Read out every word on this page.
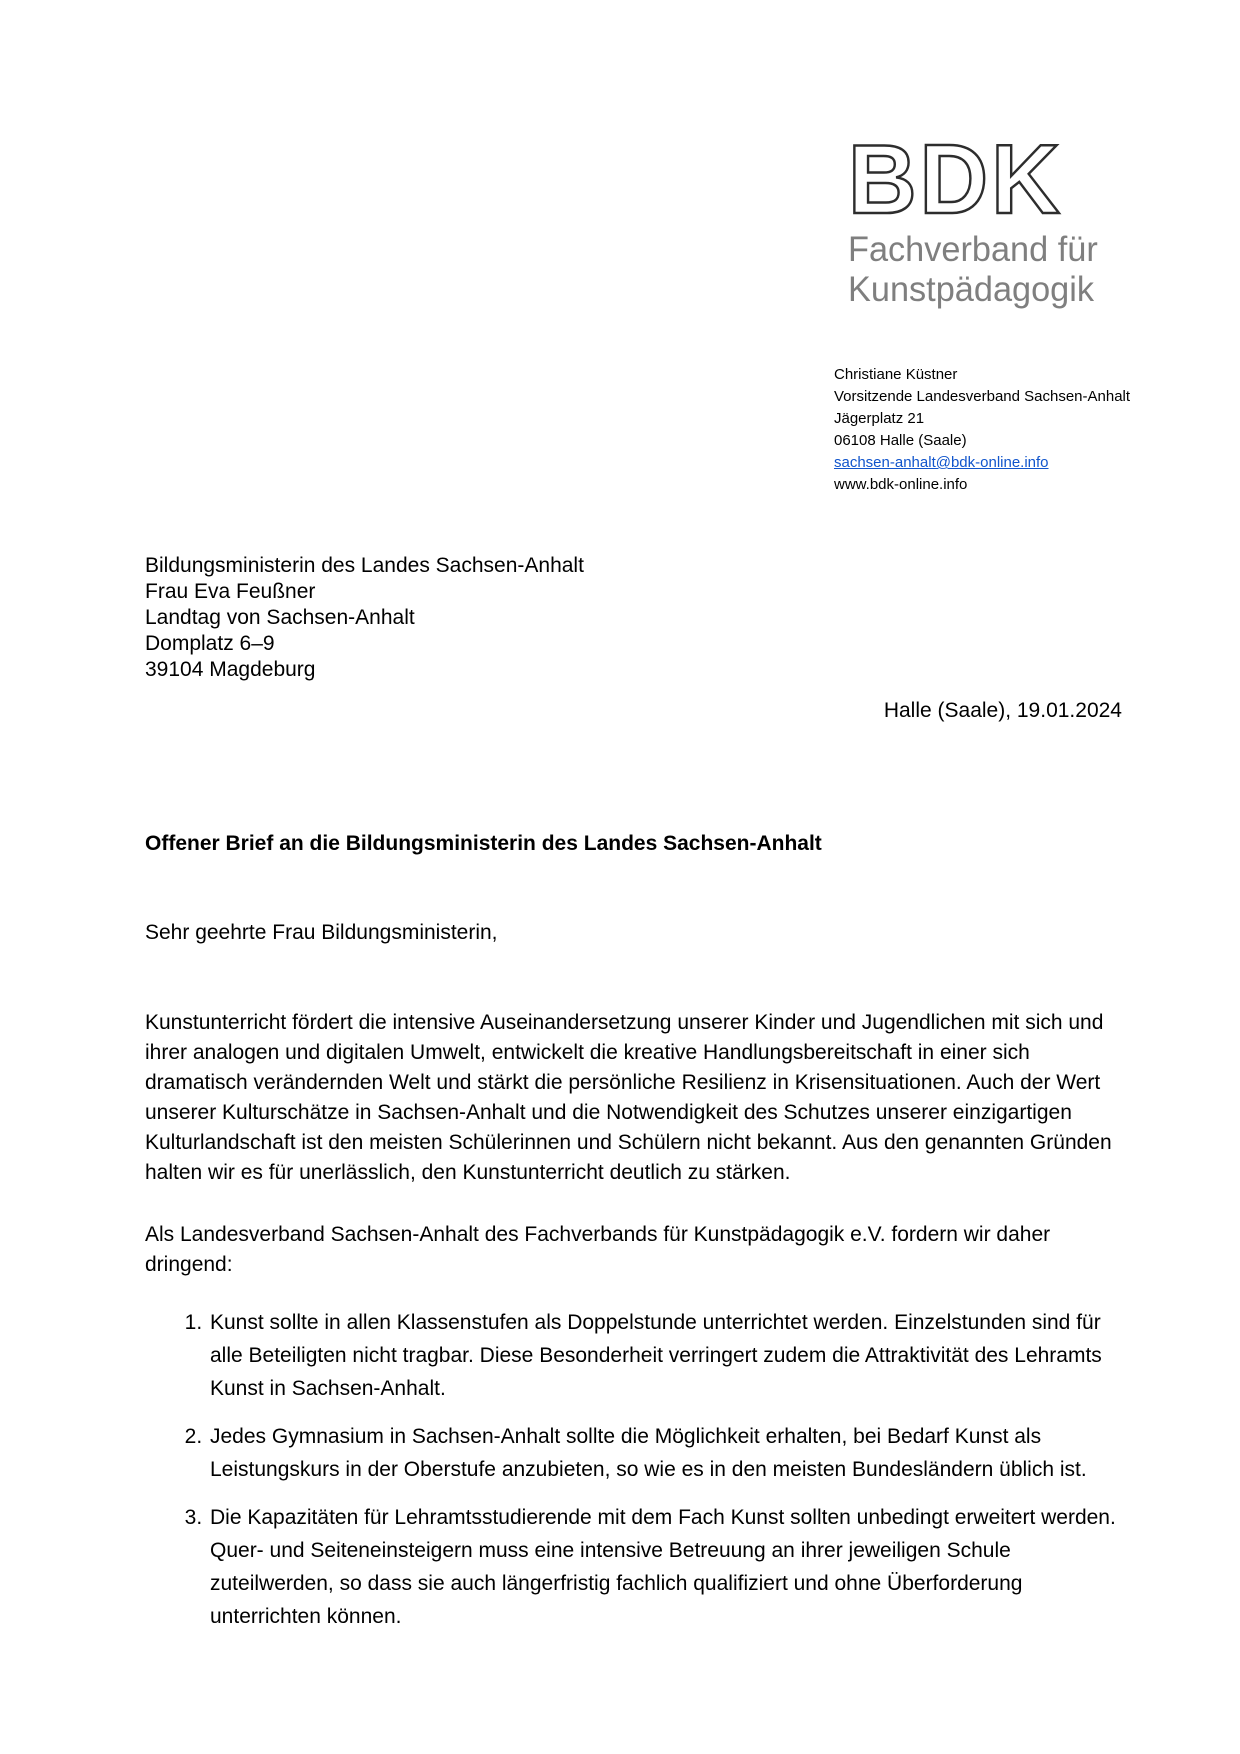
BDK
Fachverband für
Kunstpädagogik
Christiane Küstner
Vorsitzende Landesverband Sachsen-Anhalt
Jägerplatz 21
06108 Halle (Saale)
sachsen-anhalt@bdk-online.info
www.bdk-online.info
Bildungsministerin des Landes Sachsen-Anhalt
Frau Eva Feußner
Landtag von Sachsen-Anhalt
Domplatz 6–9
39104 Magdeburg
Halle (Saale), 19.01.2024

Offener Brief an die Bildungsministerin des Landes Sachsen-Anhalt

Sehr geehrte Frau Bildungsministerin,

Kunstunterricht fördert die intensive Auseinandersetzung unserer Kinder und Jugendlichen mit sich und ihrer analogen und digitalen Umwelt, entwickelt die kreative Handlungsbereitschaft in einer sich dramatisch verändernden Welt und stärkt die persönliche Resilienz in Krisensituationen. Auch der Wert unserer Kulturschätze in Sachsen-Anhalt und die Notwendigkeit des Schutzes unserer einzigartigen Kulturlandschaft ist den meisten Schülerinnen und Schülern nicht bekannt. Aus den genannten Gründen halten wir es für unerlässlich, den Kunstunterricht deutlich zu stärken.

Als Landesverband Sachsen-Anhalt des Fachverbands für Kunstpädagogik e.V. fordern wir daher dringend:

1. Kunst sollte in allen Klassenstufen als Doppelstunde unterrichtet werden. Einzelstunden sind für alle Beteiligten nicht tragbar. Diese Besonderheit verringert zudem die Attraktivität des Lehramts Kunst in Sachsen-Anhalt.
2. Jedes Gymnasium in Sachsen-Anhalt sollte die Möglichkeit erhalten, bei Bedarf Kunst als Leistungskurs in der Oberstufe anzubieten, so wie es in den meisten Bundesländern üblich ist.
3. Die Kapazitäten für Lehramtsstudierende mit dem Fach Kunst sollten unbedingt erweitert werden. Quer- und Seiteneinsteigern muss eine intensive Betreuung an ihrer jeweiligen Schule zuteilwerden, so dass sie auch längerfristig fachlich qualifiziert und ohne Überforderung unterrichten können.
